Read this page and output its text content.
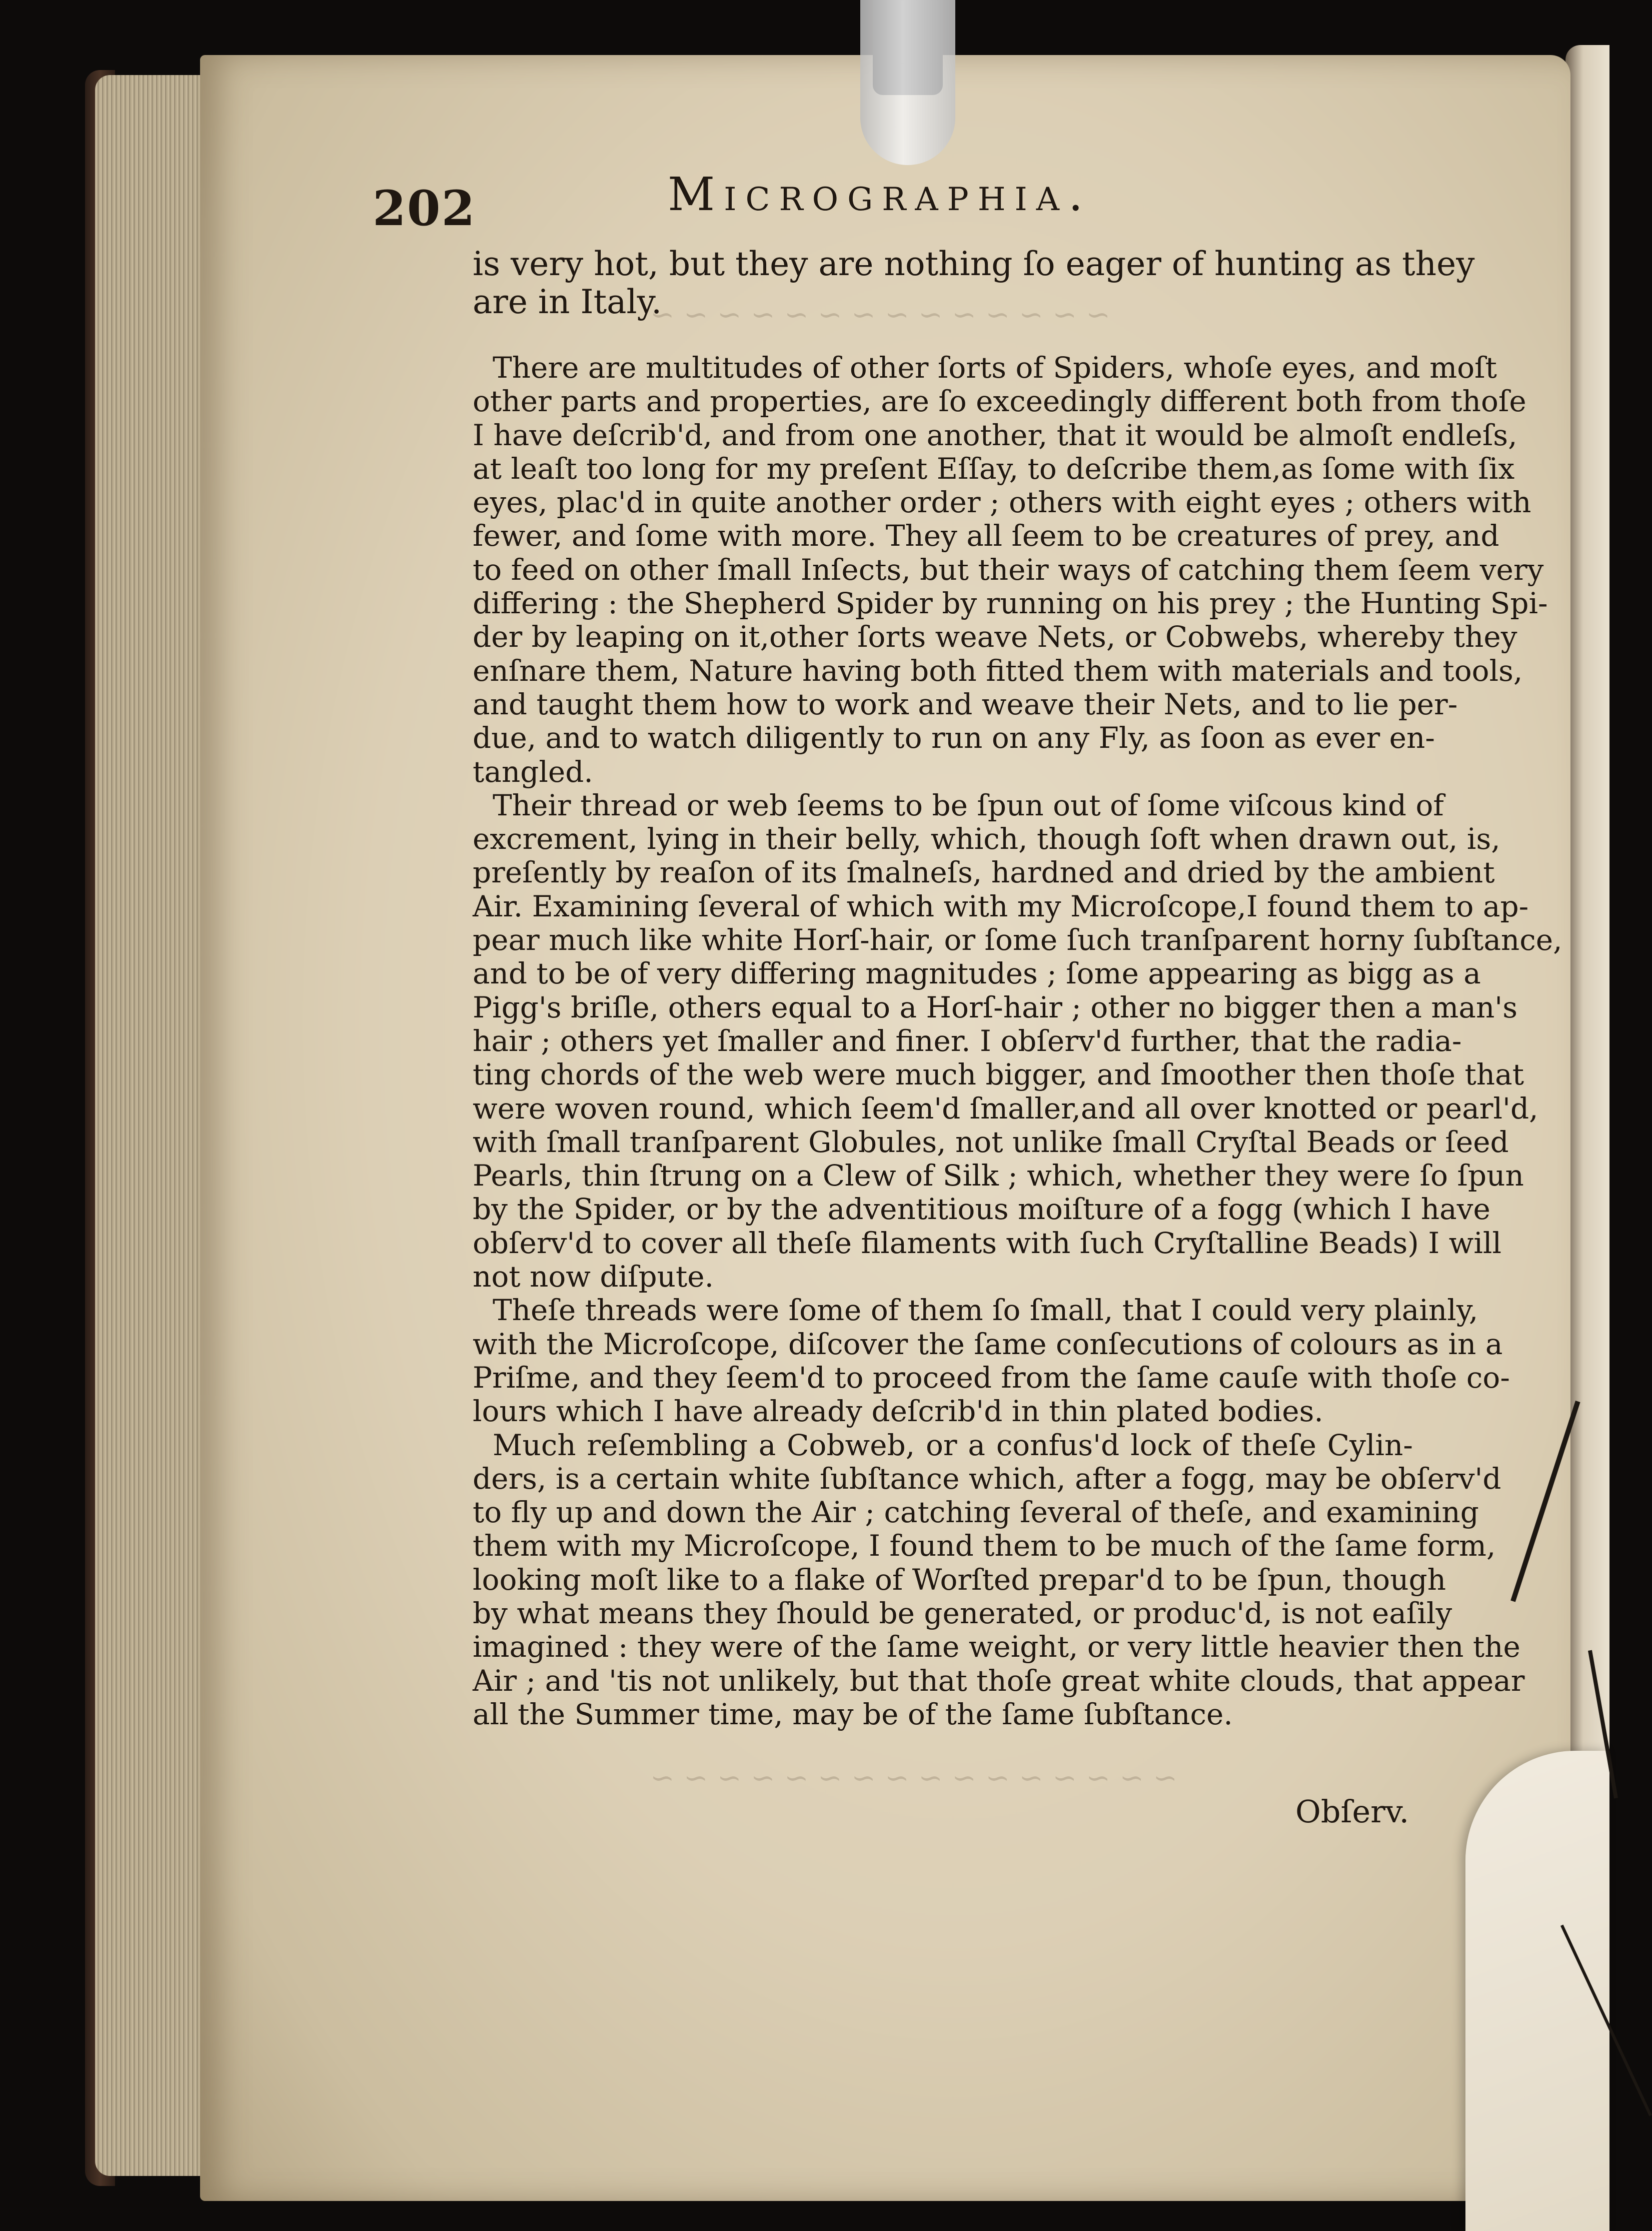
~ ~ ~ ~ ~ ~ ~ ~ ~ ~ ~ ~ ~ ~
~ ~ ~ ~ ~ ~ ~ ~ ~ ~ ~ ~ ~ ~ ~ ~
202	Micrographia.
is very hot, but they are nothing ſo eager of hunting as they
are in Italy.
There are multitudes of other ſorts of Spiders, whoſe eyes, and moſt
other parts and properties, are ſo exceedingly different both from thoſe
I have deſcrib'd, and from one another, that it would be almoſt endleſs,
at leaſt too long for my preſent Eſſay, to deſcribe them,as ſome with ſix
eyes, plac'd in quite another order ; others with eight eyes ; others with
fewer, and ſome with more. They all ſeem to be creatures of prey, and
to feed on other ſmall Inſects, but their ways of catching them ſeem very
differing : the Shepherd Spider by running on his prey ; the Hunting Spi-
der by leaping on it,other ſorts weave Nets, or Cobwebs, whereby they
enſnare them, Nature having both fitted them with materials and tools,
and taught them how to work and weave their Nets, and to lie per-
due, and to watch diligently to run on any Fly, as ſoon as ever en-
tangled.
Their thread or web ſeems to be ſpun out of ſome viſcous kind of
excrement, lying in their belly, which, though ſoft when drawn out, is,
preſently by reaſon of its ſmalneſs, hardned and dried by the ambient
Air. Examining ſeveral of which with my Microſcope,I found them to ap-
pear much like white Horſ-hair, or ſome ſuch tranſparent horny ſubſtance,
and to be of very differing magnitudes ; ſome appearing as bigg as a
Pigg's briſle, others equal to a Horſ-hair ; other no bigger then a man's
hair ; others yet ſmaller and finer. I obſerv'd further, that the radia-
ting chords of the web were much bigger, and ſmoother then thoſe that
were woven round, which ſeem'd ſmaller,and all over knotted or pearl'd,
with ſmall tranſparent Globules, not unlike ſmall Cryſtal Beads or ſeed
Pearls, thin ſtrung on a Clew of Silk ; which, whether they were ſo ſpun
by the Spider, or by the adventitious moiſture of a fogg (which I have
obſerv'd to cover all theſe filaments with ſuch Cryſtalline Beads) I will
not now diſpute.
Theſe threads were ſome of them ſo ſmall, that I could very plainly,
with the Microſcope, diſcover the ſame conſecutions of colours as in a
Priſme, and they ſeem'd to proceed from the ſame cauſe with thoſe co-
lours which I have already deſcrib'd in thin plated bodies.
Much reſembling a Cobweb, or a confus'd lock of theſe Cylin-
ders, is a certain white ſubſtance which, after a fogg, may be obſerv'd
to fly up and down the Air ; catching ſeveral of theſe, and examining
them with my Microſcope, I found them to be much of the ſame form,
looking moſt like to a flake of Worſted prepar'd to be ſpun, though
by what means they ſhould be generated, or produc'd, is not eaſily
imagined : they were of the ſame weight, or very little heavier then the
Air ; and 'tis not unlikely, but that thoſe great white clouds, that appear
all the Summer time, may be of the ſame ſubſtance.
Obſerv.
